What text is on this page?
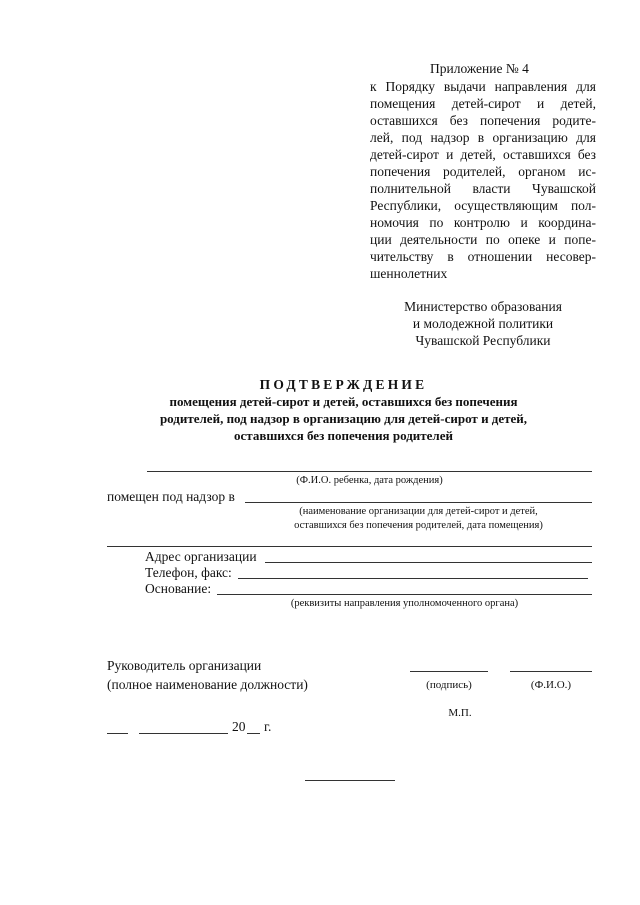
Приложение № 4
к Порядку выдачи направления для
помещения детей-сирот и детей,
оставшихся без попечения родите-
лей, под надзор в организацию для
детей-сирот и детей, оставшихся без
попечения родителей, органом ис-
полнительной власти Чувашской
Республики, осуществляющим пол-
номочия по контролю и координа-
ции деятельности по опеке и попе-
чительству в отношении несовер-
шеннолетних
Министерство образования
и молодежной политики
Чувашской Республики
ПОДТВЕРЖДЕНИЕ
помещения детей-сирот и детей, оставшихся без попечения
родителей, под надзор в организацию для детей-сирот и детей,
оставшихся без попечения родителей
(Ф.И.О. ребенка, дата рождения)
помещен под надзор в
(наименование организации для детей-сирот и детей,
оставшихся без попечения родителей, дата помещения)
Адрес организации
Телефон, факс:
Основание:
(реквизиты направления уполномоченного органа)
Руководитель организации
(полное наименование должности)	(подпись)	(Ф.И.О.)
М.П.
20 г.
